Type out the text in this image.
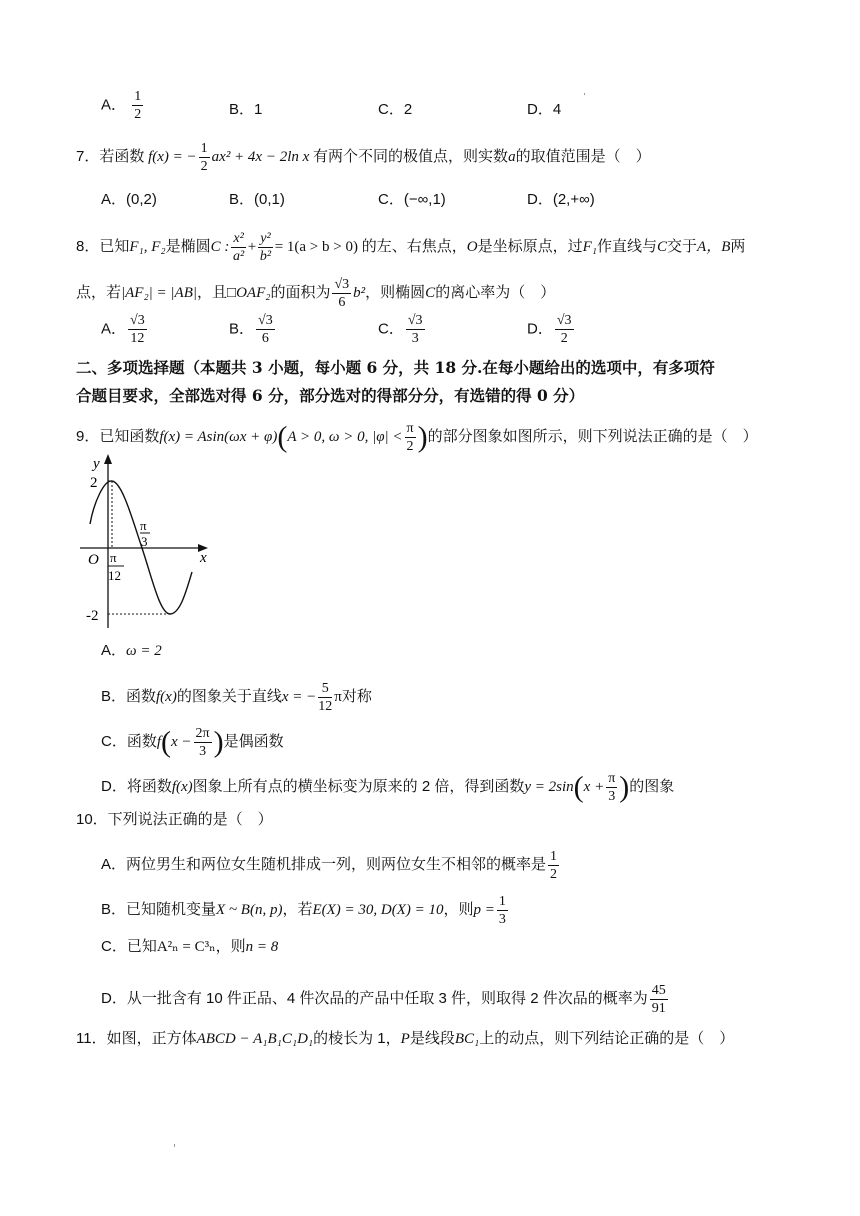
A． $\frac{1}{2}$	B．1	C．2	D．4
7．若函数 f(x) = − $\frac{1}{2} ax^2 + 4x - 2\ln$ x 有两个不同的极值点，则实数a的取值范围是（　）
A．(0,2)	B．(0,1)	C．(−∞,1)	D．(2,+∞)
8．已知F₁, F₂是椭圆C : $\frac{\text{x²}}{\text{a²}} + \frac{\text{y²}}{\text{b²}} = 1(a > b > 0)$ 的左、右焦点，O是坐标原点，过F₁作直线与C交于A，B两
点，若|AF₂| = |AB|，且□OAF₂的面积为 $\frac{√3}{6} b^2$，则椭圆C的离心率为（　）
A． $\frac{√3}{12}$	B． $\frac{√3}{6}$	C． $\frac{√3}{3}$	D． $\frac{√3}{2}$
二、多项选择题（本题共 3 小题，每小题 6 分，共 18 分.在每小题给出的选项中，有多项符
合题目要求，全部选对得 6 分，部分选对的得部分分，有选错的得 0 分）
9．已知函数f(x) = Asin(ωx + φ)(A > 0, ω > 0, $|\varphi| < \frac{\pi}{2}$ )的部分图象如图所示，则下列说法正确的是（　）
y
x
O
2
-2
π
12
π
3
A．ω = 2
B．函数f(x)的图象关于直线x = − $\frac{5}{12}$ π对称
C．函数$f(x - \frac{2\pi}{3}$ )是偶函数
D．将函数f(x)图象上所有点的横坐标变为原来的 2 倍，得到函数$y = 2\sin(x + \frac{\pi}{3}$ )的图象
10．下列说法正确的是（　）
A．两位男生和两位女生随机排成一列，则两位女生不相邻的概率是 $\frac{1}{2}$
B．已知随机变量X ~ B(n, p)，若E(X) = 30, D(X) = 10，则$p = \frac{1}{3}$
C．已知A²ₙ = C³ₙ，则n = 8
D．从一批含有 10 件正品、4 件次品的产品中任取 3 件，则取得 2 件次品的概率为 $\frac{45}{91}$
11．如图，正方体ABCD − A₁B₁C₁D₁的棱长为 1，P是线段BC₁上的动点，则下列结论正确的是（　）
